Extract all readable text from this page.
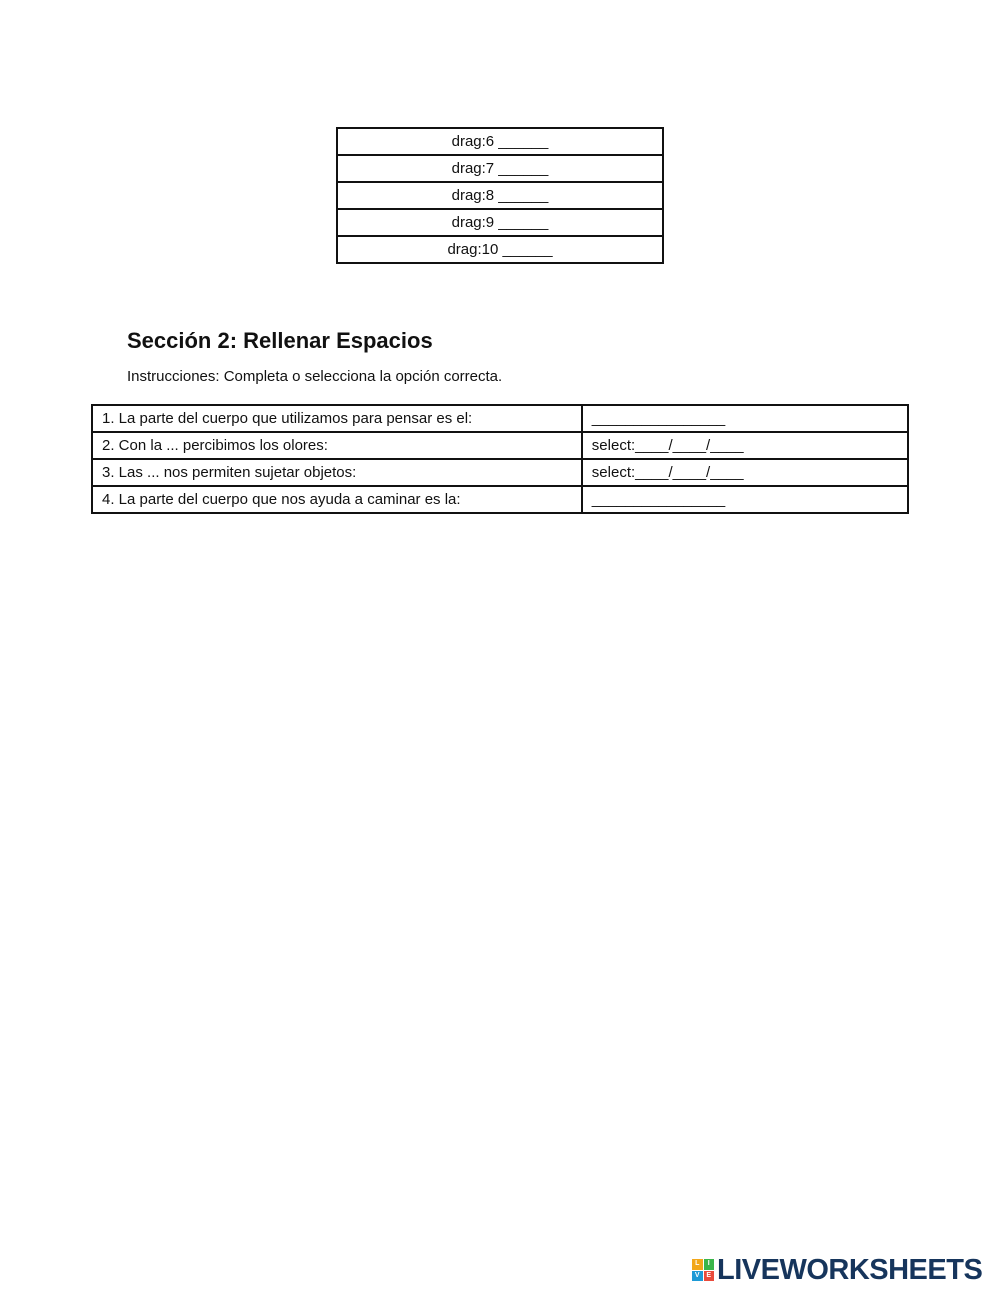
drag:6 ______
drag:7 ______
drag:8 ______
drag:9 ______
drag:10 ______
Sección 2: Rellenar Espacios

Instrucciones: Completa o selecciona la opción correcta.

1. La parte del cuerpo que utilizamos para pensar es el:	________________
2. Con la ... percibimos los olores:	select:____/____/____
3. Las ... nos permiten sujetar objetos:	select:____/____/____
4. La parte del cuerpo que nos ayuda a caminar es la:	________________
L	I
V E LIVEWORKSHEETS
